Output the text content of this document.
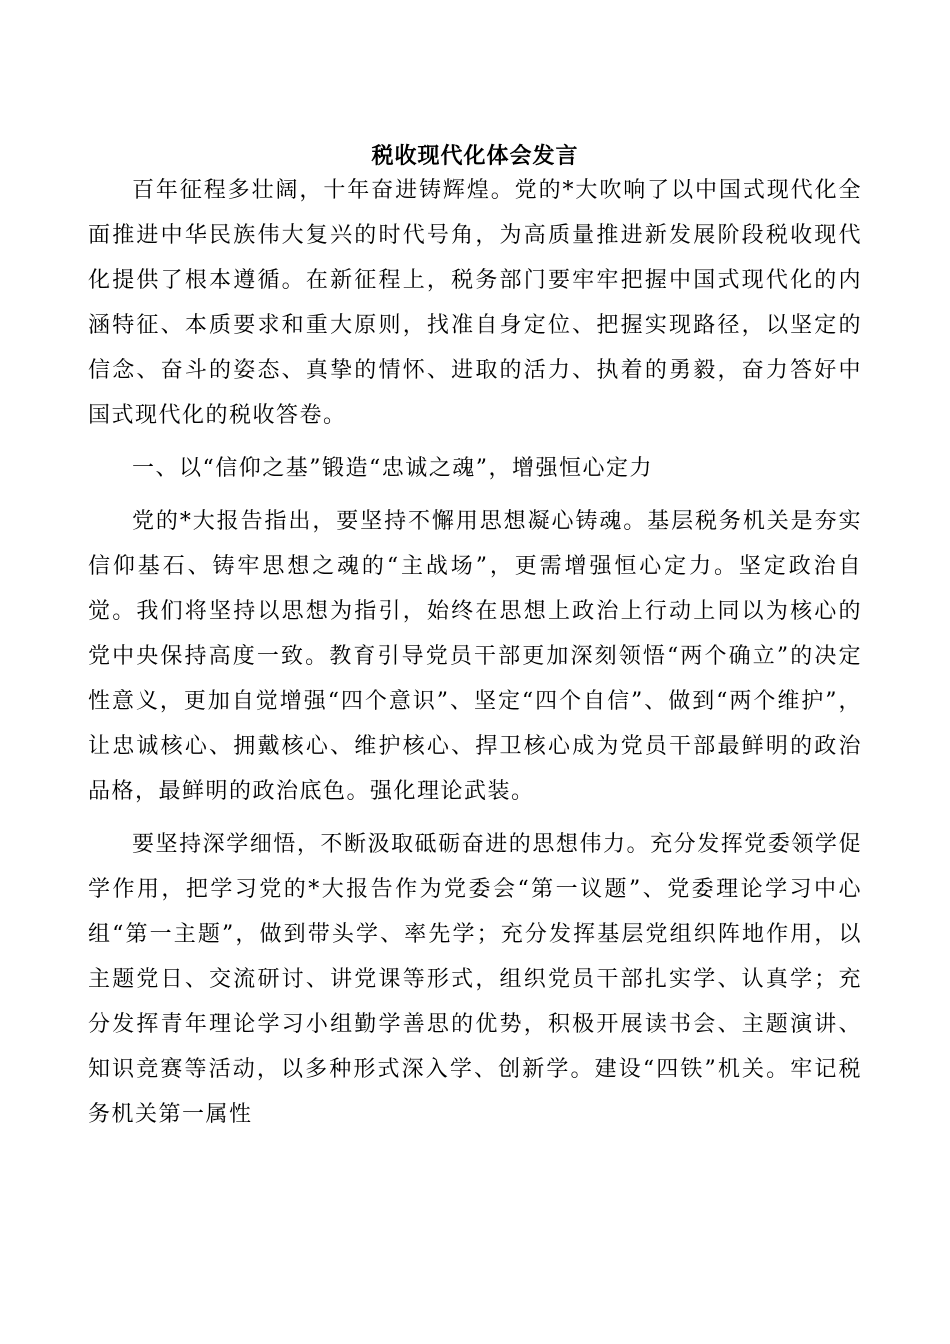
税收现代化体会发言

百年征程多壮阔，十年奋进铸辉煌。党的*大吹响了以中国式现代化全面推进中华民族伟大复兴的时代号角，为高质量推进新发展阶段税收现代化提供了根本遵循。在新征程上，税务部门要牢牢把握中国式现代化的内涵特征、本质要求和重大原则，找准自身定位、把握实现路径，以坚定的信念、奋斗的姿态、真挚的情怀、进取的活力、执着的勇毅，奋力答好中国式现代化的税收答卷。

一、以“信仰之基”锻造“忠诚之魂”，增强恒心定力

党的*大报告指出，要坚持不懈用思想凝心铸魂。基层税务机关是夯实信仰基石、铸牢思想之魂的“主战场”，更需增强恒心定力。坚定政治自觉。我们将坚持以思想为指引，始终在思想上政治上行动上同以为核心的党中央保持高度一致。教育引导党员干部更加深刻领悟“两个确立”的决定性意义，更加自觉增强“四个意识”、坚定“四个自信”、做到“两个维护”，让忠诚核心、拥戴核心、维护核心、捍卫核心成为党员干部最鲜明的政治品格，最鲜明的政治底色。强化理论武装。

要坚持深学细悟，不断汲取砥砺奋进的思想伟力。充分发挥党委领学促学作用，把学习党的*大报告作为党委会“第一议题”、党委理论学习中心组“第一主题”，做到带头学、率先学；充分发挥基层党组织阵地作用，以主题党日、交流研讨、讲党课等形式，组织党员干部扎实学、认真学；充分发挥青年理论学习小组勤学善思的优势，积极开展读书会、主题演讲、知识竞赛等活动，以多种形式深入学、创新学。建设“四铁”机关。牢记税务机关第一属性
